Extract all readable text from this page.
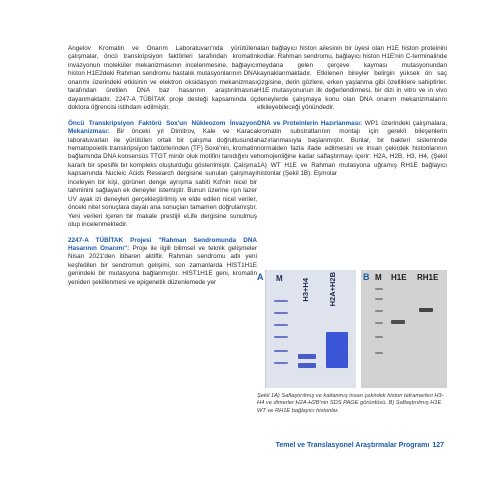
Angelov Kromatin ve Onarım Laboratuvarı'nda yürütülen çalışmalar, öncü transkripsiyon faktörleri tarafından kromatin invazyonun moleküler mekanizmasının incelenmesine, bağlayıcı histon H1E2deki Rahman sendromu hastalık mutasyonlarının DNA onarımı üzerindeki etkisinin ve elektron oksidasyon mekanizması tarafından üretilen DNA baz hasarının araştırılmasına dayanmaktadır. 2247-A TÜBİTAK proje desteği kapsamında üç doktora öğrencisi istihdam edilmiştir.

Öncü Transkripsiyon Faktörü Sox'un Nükleozom İnvazyon Mekanizması: Bir önceki yıl Dimitrov, Kale ve Karaca laboratuvarları ile yürütülen ortak bir çalışma doğrultusunda hematopoietik transkripsiyon faktörlerinden (TF) Soxé'nin, kromatin bağlamında DNA konsensüs TTGT minör oluk motifini tanıdığını ve kararlı bir spesifik bir kompleks oluşturduğu gösterilmiştir. Çalışma kapsamında Nucleic Acids Research dergisine sunulan çalışmayı inceleyen bir kişi, görünen denge ayrışma sabiti Kd'nin nicel bir tahminini sağlayan ek deneyler istemiştir. Bunun üzerine ışın lazer UV ayak izi deneyleri gerçekleştirilmiş ve elde edilen nicel veriler, önceki nitel sonuçlara dayalı ana sonuçları tamamen doğrulamıştır. Yeni verileri içeren bir makale prestijli eLife dergisine sunulmuş olup incelenmektedir.

2247-A TÜBİTAK Projesi "Rahman Sendromunda DNA Hasarının Onarımı": Proje ile ilgili bilimsel ve teknik gelişmeler Nisan 2021'den itibaren aktiftir. Rahman sendromu adlı yeni keşfedilen bir sendromun gelişimi, son zamanlarda HIST1H1E genindeki bir mutasyona bağlanmıştır. HIST1H1E geni, kromatin yeniden şekillenmesi ve epigenetik düzenlemede yer

alan bağlayıcı histon ailesinin bir üyesi olan H1E histon proteinini kodlar. Rahman sendromu, bağlayıcı histon H1E'nin C-terminalinde meydana gelen çerçeve kayması mutasyonundan kaynaklanmaktadır. Etkilenen bireyler belirgin yüksek ön saç çizgisine, derin gözlere, erken yaşlanma gibi özelliklere sahiptirler. H1E mutasyonunun ilk değerlendirmesi, bir dizi in vitro ve in vivo deneylerde çalışmaya konu olan DNA onarım mekanizmalarını etkileyebileceği yönündedir.

DNA ve Proteinlerin Hazırlanması: WP1 üzerindeki çalışmalara, kromatin substratlarının montajı için gerekli bileşenlerin hazırlanmasıyla başlanmıştır. Bunlar, bir bakteri sisteminde normalden fazla ifade edilmesini ve insan çekirdek histonlarının homojenliğine kadar saflaştırmayı içerir: H2A, H2B, H3, H4, (Şekil 1A) WT H1E ve Rahman mutasyona uğramış RH1E bağlayıcı histonlar (Şekil 1B). Eşmolar

A M H3+H4 H2A+H2B	B M H1E RH1E
Şekil 1A) Saflaştırılmış ve katlanmış insan çekirdek histon tetramerleri H3-H4 ve dimerler H2A-H2B'nin SDS PAGE görüntüsü. B) Saflaştırılmış H1E WT ve RH1E bağlayıcı histonlar.
Temel ve Translasyonel Araştırmalar Programı 127
